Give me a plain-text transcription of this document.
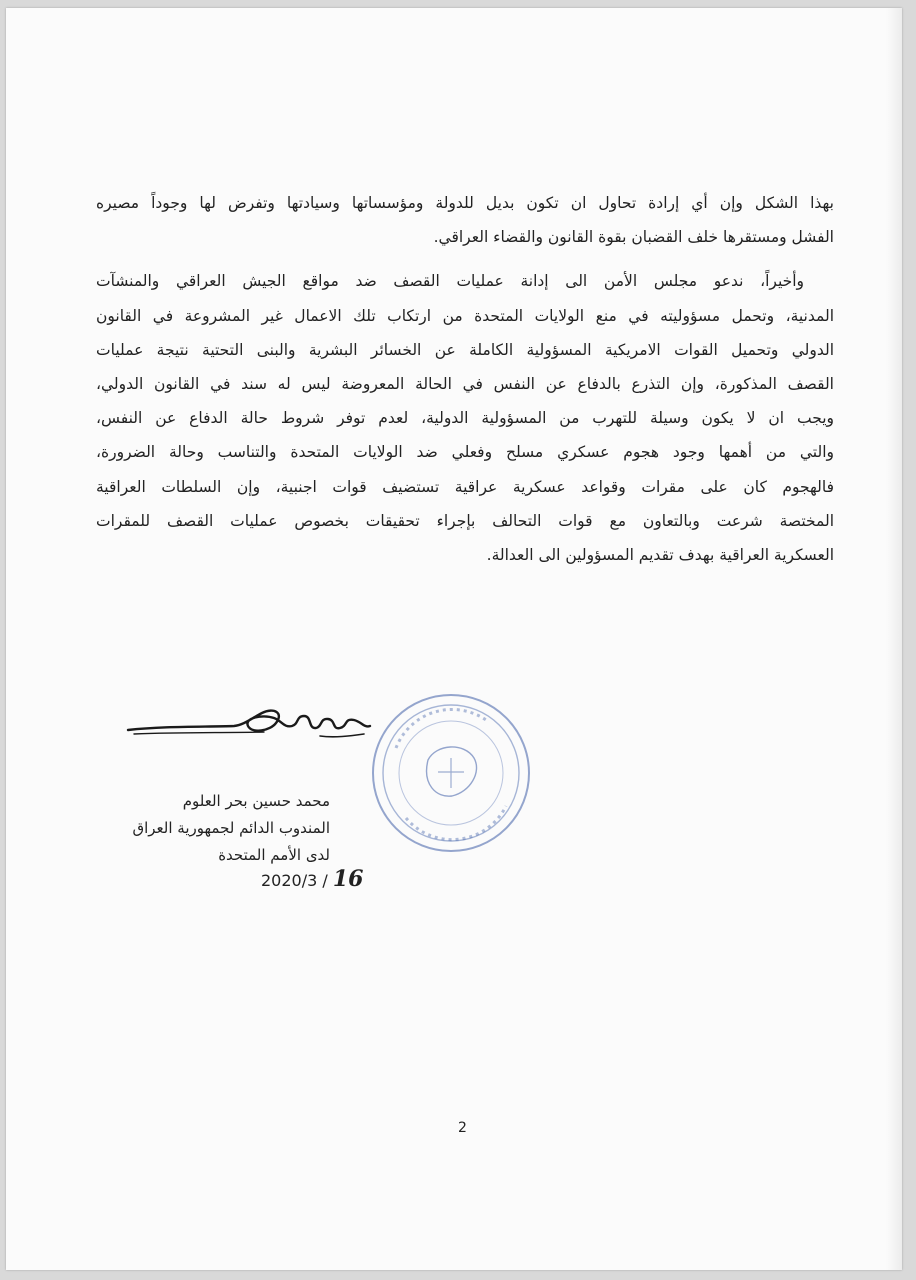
بهذا الشكل وإن أي إرادة تحاول ان تكون بديل للدولة ومؤسساتها وسيادتها وتفرض لها وجوداً مصيره
الفشل ومستقرها خلف القضبان بقوة القانون والقضاء العراقي.

وأخيراً، ندعو مجلس الأمن الى إدانة عمليات القصف ضد مواقع الجيش العراقي والمنشآت
المدنية، وتحمل مسؤوليته في منع الولايات المتحدة من ارتكاب تلك الاعمال غير المشروعة في القانون
الدولي وتحميل القوات الامريكية المسؤولية الكاملة عن الخسائر البشرية والبنى التحتية نتيجة عمليات
القصف المذكورة، وإن التذرع بالدفاع عن النفس في الحالة المعروضة ليس له سند في القانون الدولي،
ويجب ان لا يكون وسيلة للتهرب من المسؤولية الدولية، لعدم توفر شروط حالة الدفاع عن النفس،
والتي من أهمها وجود هجوم عسكري مسلح وفعلي ضد الولايات المتحدة والتناسب وحالة الضرورة،
فالهجوم كان على مقرات وقواعد عسكرية عراقية تستضيف قوات اجنبية، وإن السلطات العراقية
المختصة شرعت وبالتعاون مع قوات التحالف بإجراء تحقيقات بخصوص عمليات القصف للمقرات
العسكرية العراقية بهدف تقديم المسؤولين الى العدالة.

محمد حسين بحر العلوم
المندوب الدائم لجمهورية العراق
لدى الأمم المتحدة
2020/3 / 16
2
